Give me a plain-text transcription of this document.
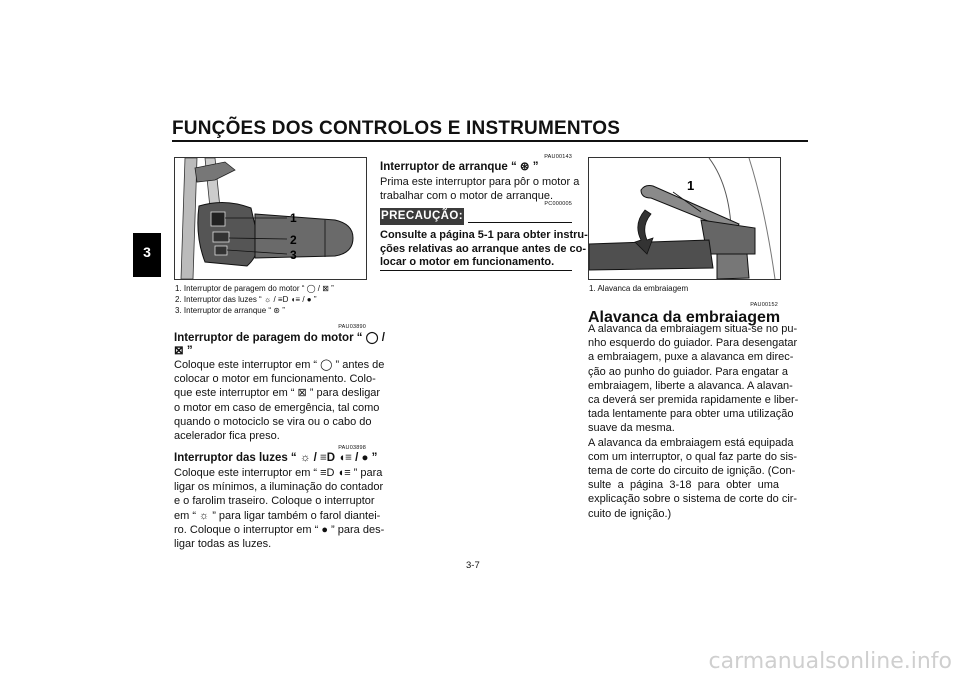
FUNÇÕES DOS CONTROLOS E INSTRUMENTOS
3
1
2
3
1. Interruptor de paragem do motor “ ◯ / ⊠ ”
2. Interruptor das luzes “ ☼ / ≡D ◖≡ / ● ”
3. Interruptor de arranque “ ⊛ ”
PAU03890
Interruptor de paragem do motor “ ◯ /
⊠ ”
Coloque este interruptor em “ ◯ ” antes de
colocar o motor em funcionamento. Colo-
que este interruptor em “ ⊠ ” para desligar
o motor em caso de emergência, tal como
quando o motociclo se vira ou o cabo do
acelerador fica preso.
PAU03898
Interruptor das luzes “ ☼ / ≡D ◖≡ / ● ”
Coloque este interruptor em “ ≡D ◖≡ ” para
ligar os mínimos, a iluminação do contador
e o farolim traseiro. Coloque o interruptor
em “ ☼ ” para ligar também o farol diantei-
ro. Coloque o interruptor em “ ● ” para des-
ligar todas as luzes.
PAU00143
Interruptor de arranque “ ⊛ ”
Prima este interruptor para pôr o motor a
trabalhar com o motor de arranque.
PC000005
PRECAUÇÃO:
Consulte a página 5-1 para obter instru-
ções relativas ao arranque antes de co-
locar o motor em funcionamento.
1
1. Alavanca da embraiagem
PAU00152
Alavanca da embraiagem
A alavanca da embraiagem situa-se no pu-
nho esquerdo do guiador. Para desengatar
a embraiagem, puxe a alavanca em direc-
ção ao punho do guiador. Para engatar a
embraiagem, liberte a alavanca. A alavan-
ca deverá ser premida rapidamente e liber-
tada lentamente para obter uma utilização
suave da mesma.
A alavanca da embraiagem está equipada
com um interruptor, o qual faz parte do sis-
tema de corte do circuito de ignição. (Con-
sulte a página 3-18 para obter uma
explicação sobre o sistema de corte do cir-
cuito de ignição.)
3-7
carmanualsonline.info
